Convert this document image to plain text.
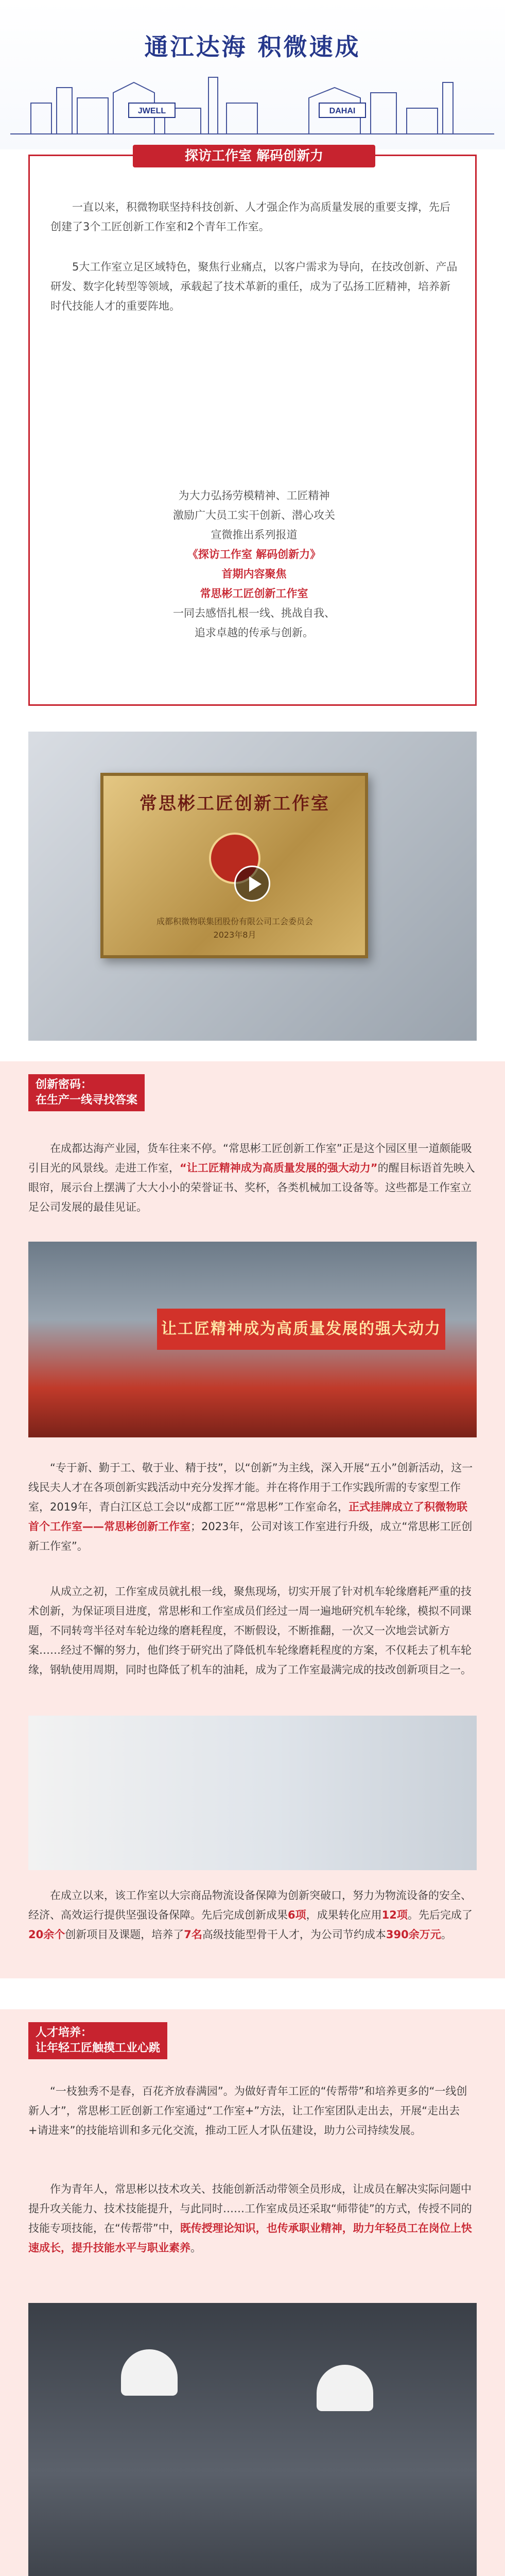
通江达海 积微速成
JWELL	DAHAI
探访工作室 解码创新力

一直以来，积微物联坚持科技创新、人才强企作为高质量发展的重要支撑，先后创建了3个工匠创新工作室和2个青年工作室。

5大工作室立足区域特色，聚焦行业痛点，以客户需求为导向，在技改创新、产品研发、数字化转型等领域，承载起了技术革新的重任，成为了弘扬工匠精神，培养新时代技能人才的重要阵地。

为大力弘扬劳模精神、工匠精神

激励广大员工实干创新、潜心攻关

宣微推出系列报道

《探访工作室 解码创新力》

首期内容聚焦

常思彬工匠创新工作室

一同去感悟扎根一线、挑战自我、

追求卓越的传承与创新。

常思彬工匠创新工作室
成都积微物联集团股份有限公司工会委员会
2023年8月
创新密码：
在生产一线寻找答案

在成都达海产业园，货车往来不停。“常思彬工匠创新工作室”正是这个园区里一道颇能吸引目光的风景线。走进工作室，“让工匠精神成为高质量发展的强大动力”的醒目标语首先映入眼帘，展示台上摆满了大大小小的荣誉证书、奖杯，各类机械加工设备等。这些都是工作室立足公司发展的最佳见证。

让工匠精神成为高质量发展的强大动力

“专于新、勤于工、敬于业、精于技”，以“创新”为主线，深入开展“五小”创新活动，这一线民夫人才在各项创新实践活动中充分发挥才能。并在将作用于工作实践所需的专家型工作室，2019年，青白江区总工会以“成都工匠”“常思彬”工作室命名，正式挂牌成立了积微物联首个工作室——常思彬创新工作室；2023年，公司对该工作室进行升级，成立“常思彬工匠创新工作室”。

从成立之初，工作室成员就扎根一线，聚焦现场，切实开展了针对机车轮缘磨耗严重的技术创新，为保证项目进度，常思彬和工作室成员们经过一周一遍地研究机车轮缘，模拟不同课题，不同转弯半径对车轮边缘的磨耗程度，不断假设，不断推翻，一次又一次地尝试新方案……经过不懈的努力，他们终于研究出了降低机车轮缘磨耗程度的方案，不仅耗去了机车轮缘，钢轨使用周期，同时也降低了机车的油耗，成为了工作室最满完成的技改创新项目之一。

在成立以来，该工作室以大宗商品物流设备保障为创新突破口，努力为物流设备的安全、经济、高效运行提供坚强设备保障。先后完成创新成果6项，成果转化应用12项。先后完成了20余个创新项目及课题，培养了7名高级技能型骨干人才，为公司节约成本390余万元。

人才培养：
让年轻工匠触摸工业心跳

“一枝独秀不是春，百花齐放春满园”。为做好青年工匠的“传帮带”和培养更多的“一线创新人才”，常思彬工匠创新工作室通过“工作室+”方法，让工作室团队走出去，开展“走出去+请进来”的技能培训和多元化交流，推动工匠人才队伍建设，助力公司持续发展。

作为青年人，常思彬以技术攻关、技能创新活动带领全员形成，让成员在解决实际问题中提升攻关能力、技术技能提升，与此同时……工作室成员还采取“师带徒”的方式，传授不同的技能专项技能，在“传帮带”中，既传授理论知识，也传承职业精神，助力年轻员工在岗位上快速成长，提升技能水平与职业素养。
